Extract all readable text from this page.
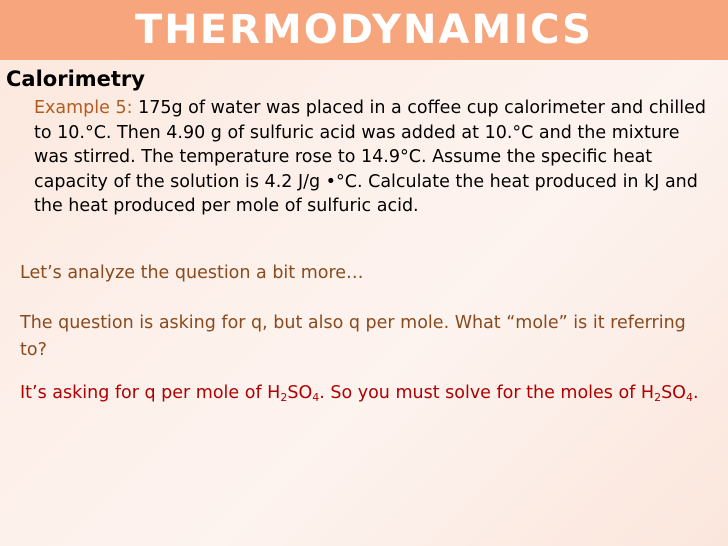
THERMODYNAMICS
Calorimetry
Example 5: 175g of water was placed in a coffee cup calorimeter and chilled to 10.°C. Then 4.90 g of sulfuric acid was added at 10.°C and the mixture was stirred. The temperature rose to 14.9°C. Assume the specific heat capacity of the solution is 4.2 J/g •°C. Calculate the heat produced in kJ and the heat produced per mole of sulfuric acid.
Let’s analyze the question a bit more…
The question is asking for q, but also q per mole. What “mole” is it referring to?
It’s asking for q per mole of $H_2SO_4$. So you must solve for the moles of $H_2SO_4$.
